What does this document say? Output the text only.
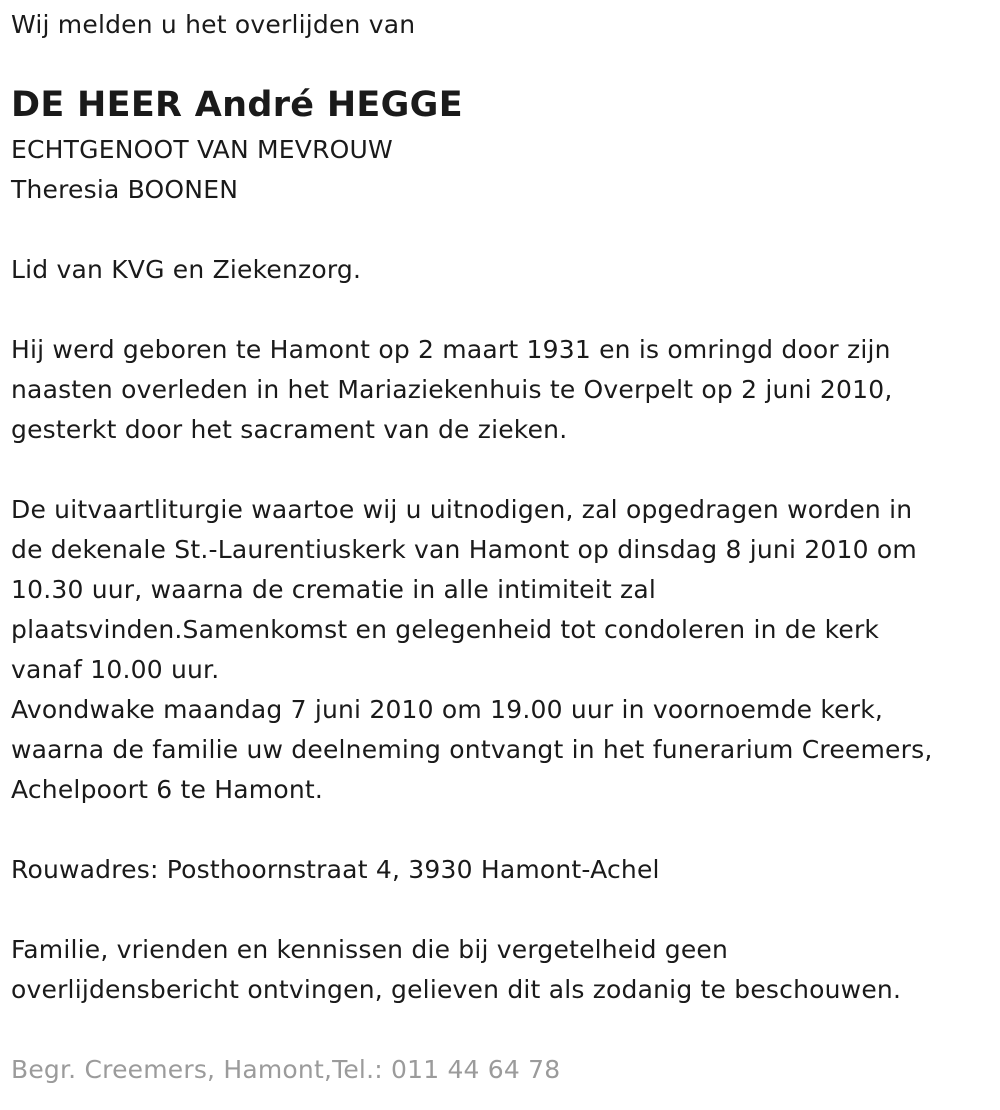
Wij melden u het overlijden van
DE HEER André HEGGE
ECHTGENOOT VAN MEVROUW
Theresia BOONEN
Lid van KVG en Ziekenzorg.
Hij werd geboren te Hamont op 2 maart 1931 en is omringd door zijn
naasten overleden in het Mariaziekenhuis te Overpelt op 2 juni 2010,
gesterkt door het sacrament van de zieken.
De uitvaartliturgie waartoe wij u uitnodigen, zal opgedragen worden in
de dekenale St.-Laurentiuskerk van Hamont op dinsdag 8 juni 2010 om
10.30 uur, waarna de crematie in alle intimiteit zal
plaatsvinden.Samenkomst en gelegenheid tot condoleren in de kerk
vanaf 10.00 uur.
Avondwake maandag 7 juni 2010 om 19.00 uur in voornoemde kerk,
waarna de familie uw deelneming ontvangt in het funerarium Creemers,
Achelpoort 6 te Hamont.
Rouwadres: Posthoornstraat 4, 3930 Hamont-Achel
Familie, vrienden en kennissen die bij vergetelheid geen
overlijdensbericht ontvingen, gelieven dit als zodanig te beschouwen.
Begr. Creemers, Hamont,Tel.: 011 44 64 78
